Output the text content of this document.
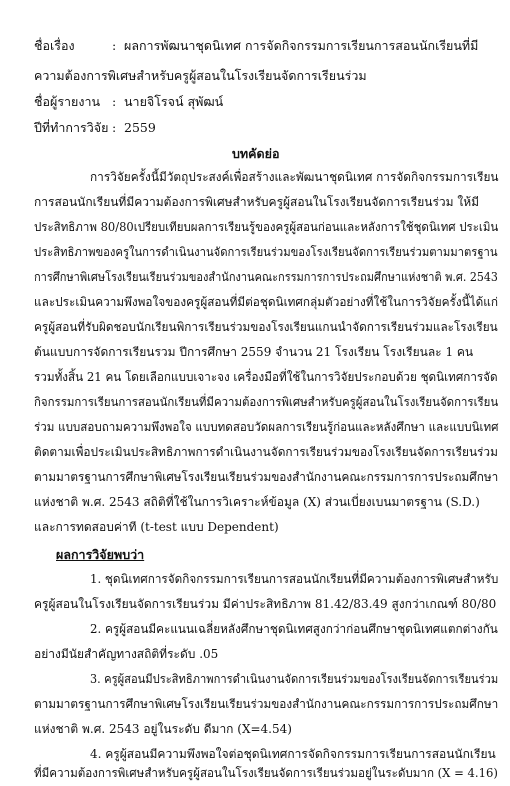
ชื่อเรื่อง	: ผลการพัฒนาชุดนิเทศ การจัดกิจกรรมการเรียนการสอนนักเรียนที่มี
ความต้องการพิเศษสำหรับครูผู้สอนในโรงเรียนจัดการเรียนร่วม
ชื่อผู้รายงาน : นายจิโรจน์ สุพัฒน์
ปีที่ทำการวิจัย : 2559
บทคัดย่อ
การวิจัยครั้งนี้มีวัตถุประสงค์เพื่อสร้างและพัฒนาชุดนิเทศ การจัดกิจกรรมการเรียน
การสอนนักเรียนที่มีความต้องการพิเศษสำหรับครูผู้สอนในโรงเรียนจัดการเรียนร่วม ให้มี
ประสิทธิภาพ 80/80เปรียบเทียบผลการเรียนรู้ของครูผู้สอนก่อนและหลังการใช้ชุดนิเทศ ประเมิน
ประสิทธิภาพของครูในการดำเนินงานจัดการเรียนร่วมของโรงเรียนจัดการเรียนร่วมตามมาตรฐาน
การศึกษาพิเศษโรงเรียนเรียนร่วมของสำนักงานคณะกรรมการการประถมศึกษาแห่งชาติ พ.ศ. 2543
และประเมินความพึงพอใจของครูผู้สอนที่มีต่อชุดนิเทศกลุ่มตัวอย่างที่ใช้ในการวิจัยครั้งนี้ได้แก่
ครูผู้สอนที่รับผิดชอบนักเรียนพิการเรียนร่วมของโรงเรียนแกนนำจัดการเรียนร่วมและโรงเรียน
ต้นแบบการจัดการเรียนรวม ปีการศึกษา 2559 จำนวน 21 โรงเรียน โรงเรียนละ 1 คน
รวมทั้งสิ้น 21 คน โดยเลือกแบบเจาะจง เครื่องมือที่ใช้ในการวิจัยประกอบด้วย ชุดนิเทศการจัด
กิจกรรมการเรียนการสอนนักเรียนที่มีความต้องการพิเศษสำหรับครูผู้สอนในโรงเรียนจัดการเรียน
ร่วม แบบสอบถามความพึงพอใจ แบบทดสอบวัดผลการเรียนรู้ก่อนและหลังศึกษา และแบบนิเทศ
ติดตามเพื่อประเมินประสิทธิภาพการดำเนินงานจัดการเรียนร่วมของโรงเรียนจัดการเรียนร่วม
ตามมาตรฐานการศึกษาพิเศษโรงเรียนเรียนร่วมของสำนักงานคณะกรรมการการประถมศึกษา
แห่งชาติ พ.ศ. 2543 สถิติที่ใช้ในการวิเคราะห์ข้อมูล (X) ส่วนเบี่ยงเบนมาตรฐาน (S.D.)
และการทดสอบค่าที (t-test แบบ Dependent)
ผลการวิจัยพบว่า
1. ชุดนิเทศการจัดกิจกรรมการเรียนการสอนนักเรียนที่มีความต้องการพิเศษสำหรับ
ครูผู้สอนในโรงเรียนจัดการเรียนร่วม มีค่าประสิทธิภาพ 81.42/83.49 สูงกว่าเกณฑ์ 80/80
2. ครูผู้สอนมีคะแนนเฉลี่ยหลังศึกษาชุดนิเทศสูงกว่าก่อนศึกษาชุดนิเทศแตกต่างกัน
อย่างมีนัยสำคัญทางสถิติที่ระดับ .05
3. ครูผู้สอนมีประสิทธิภาพการดำเนินงานจัดการเรียนร่วมของโรงเรียนจัดการเรียนร่วม
ตามมาตรฐานการศึกษาพิเศษโรงเรียนเรียนร่วมของสำนักงานคณะกรรมการการประถมศึกษา
แห่งชาติ พ.ศ. 2543 อยู่ในระดับ ดีมาก (X=4.54)
4. ครูผู้สอนมีความพึงพอใจต่อชุดนิเทศการจัดกิจกรรมการเรียนการสอนนักเรียน
ที่มีความต้องการพิเศษสำหรับครูผู้สอนในโรงเรียนจัดการเรียนร่วมอยู่ในระดับมาก (X = 4.16)
